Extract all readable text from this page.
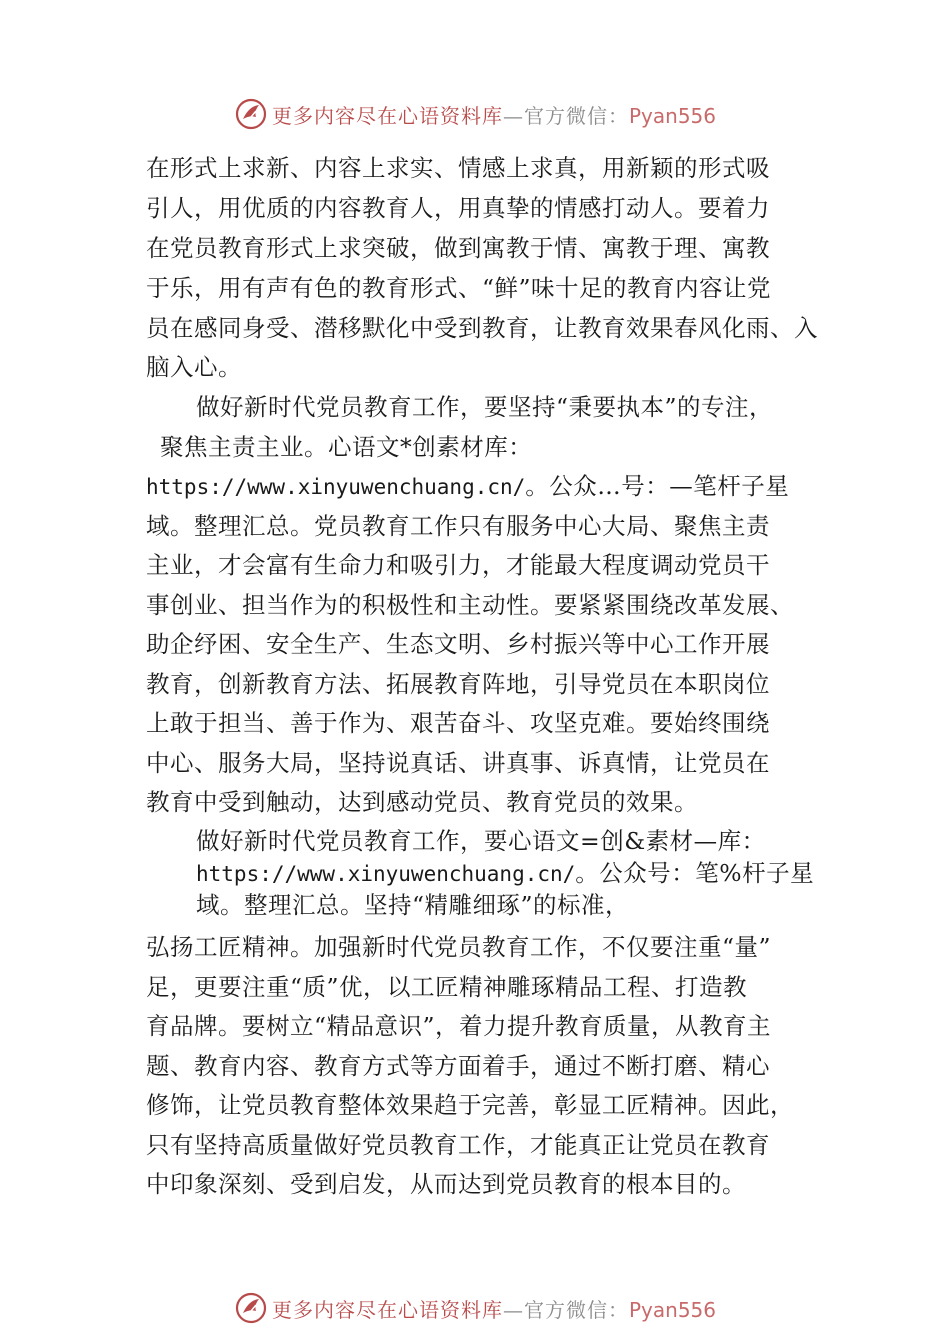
更多内容尽在心语资料库—官方微信：Pyan556
在形式上求新、内容上求实、情感上求真，用新颖的形式吸
引人，用优质的内容教育人，用真挚的情感打动人。要着力
在党员教育形式上求突破，做到寓教于情、寓教于理、寓教
于乐，用有声有色的教育形式、“鲜”味十足的教育内容让党
员在感同身受、潜移默化中受到教育，让教育效果春风化雨、入
脑入心。
做好新时代党员教育工作，要坚持“秉要执本”的专注，
聚焦主责主业。心语文*创素材库：
https://www.xinyuwenchuang.cn/。公众…号：—笔杆子星
域。整理汇总。党员教育工作只有服务中心大局、聚焦主责
主业，才会富有生命力和吸引力，才能最大程度调动党员干
事创业、担当作为的积极性和主动性。要紧紧围绕改革发展、
助企纾困、安全生产、生态文明、乡村振兴等中心工作开展
教育，创新教育方法、拓展教育阵地，引导党员在本职岗位
上敢于担当、善于作为、艰苦奋斗、攻坚克难。要始终围绕
中心、服务大局，坚持说真话、讲真事、诉真情，让党员在
教育中受到触动，达到感动党员、教育党员的效果。
做好新时代党员教育工作，要心语文=创&素材—库：
https://www.xinyuwenchuang.cn/。公众号：笔%杆子星
域。整理汇总。坚持“精雕细琢”的标准，
弘扬工匠精神。加强新时代党员教育工作，不仅要注重“量”
足，更要注重“质”优，以工匠精神雕琢精品工程、打造教
育品牌。要树立“精品意识”，着力提升教育质量，从教育主
题、教育内容、教育方式等方面着手，通过不断打磨、精心
修饰，让党员教育整体效果趋于完善，彰显工匠精神。因此，
只有坚持高质量做好党员教育工作，才能真正让党员在教育
中印象深刻、受到启发，从而达到党员教育的根本目的。
更多内容尽在心语资料库—官方微信：Pyan556
